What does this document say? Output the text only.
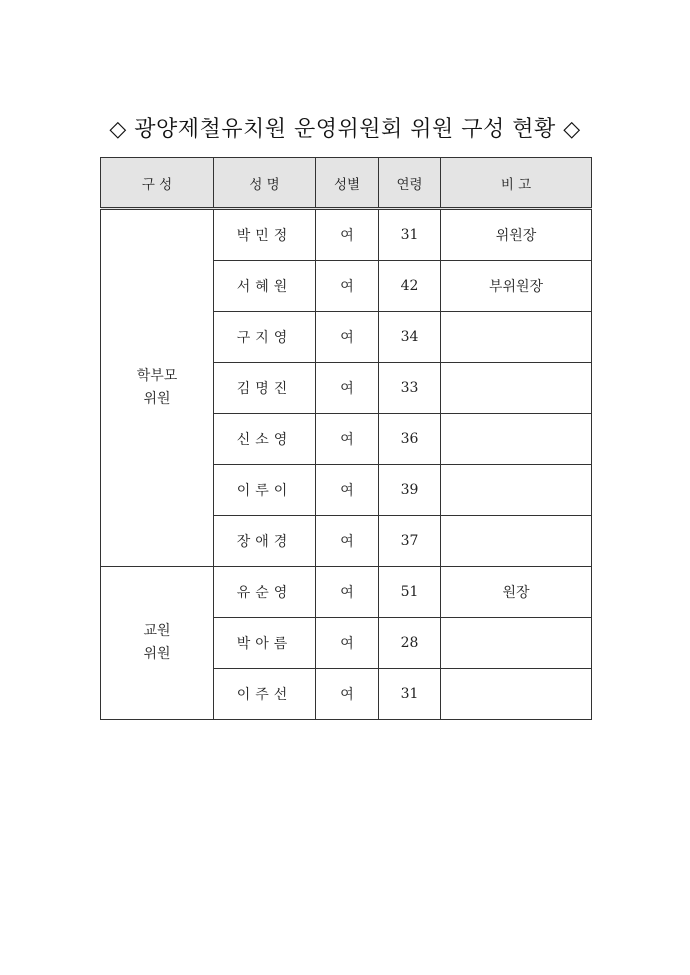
◇ 광양제철유치원 운영위원회 위원 구성 현황 ◇
구 성	성 명	성별	연령	비 고

학부모
위원	박민정	여	31	위원장
	서혜원	여	42	부위원장
	구지영	여	34	
	김명진	여	33	
	신소영	여	36	
	이루이	여	39	
	장애경	여	37	

교원
위원	유순영	여	51	원장
	박아름	여	28	
	이주선	여	31	
